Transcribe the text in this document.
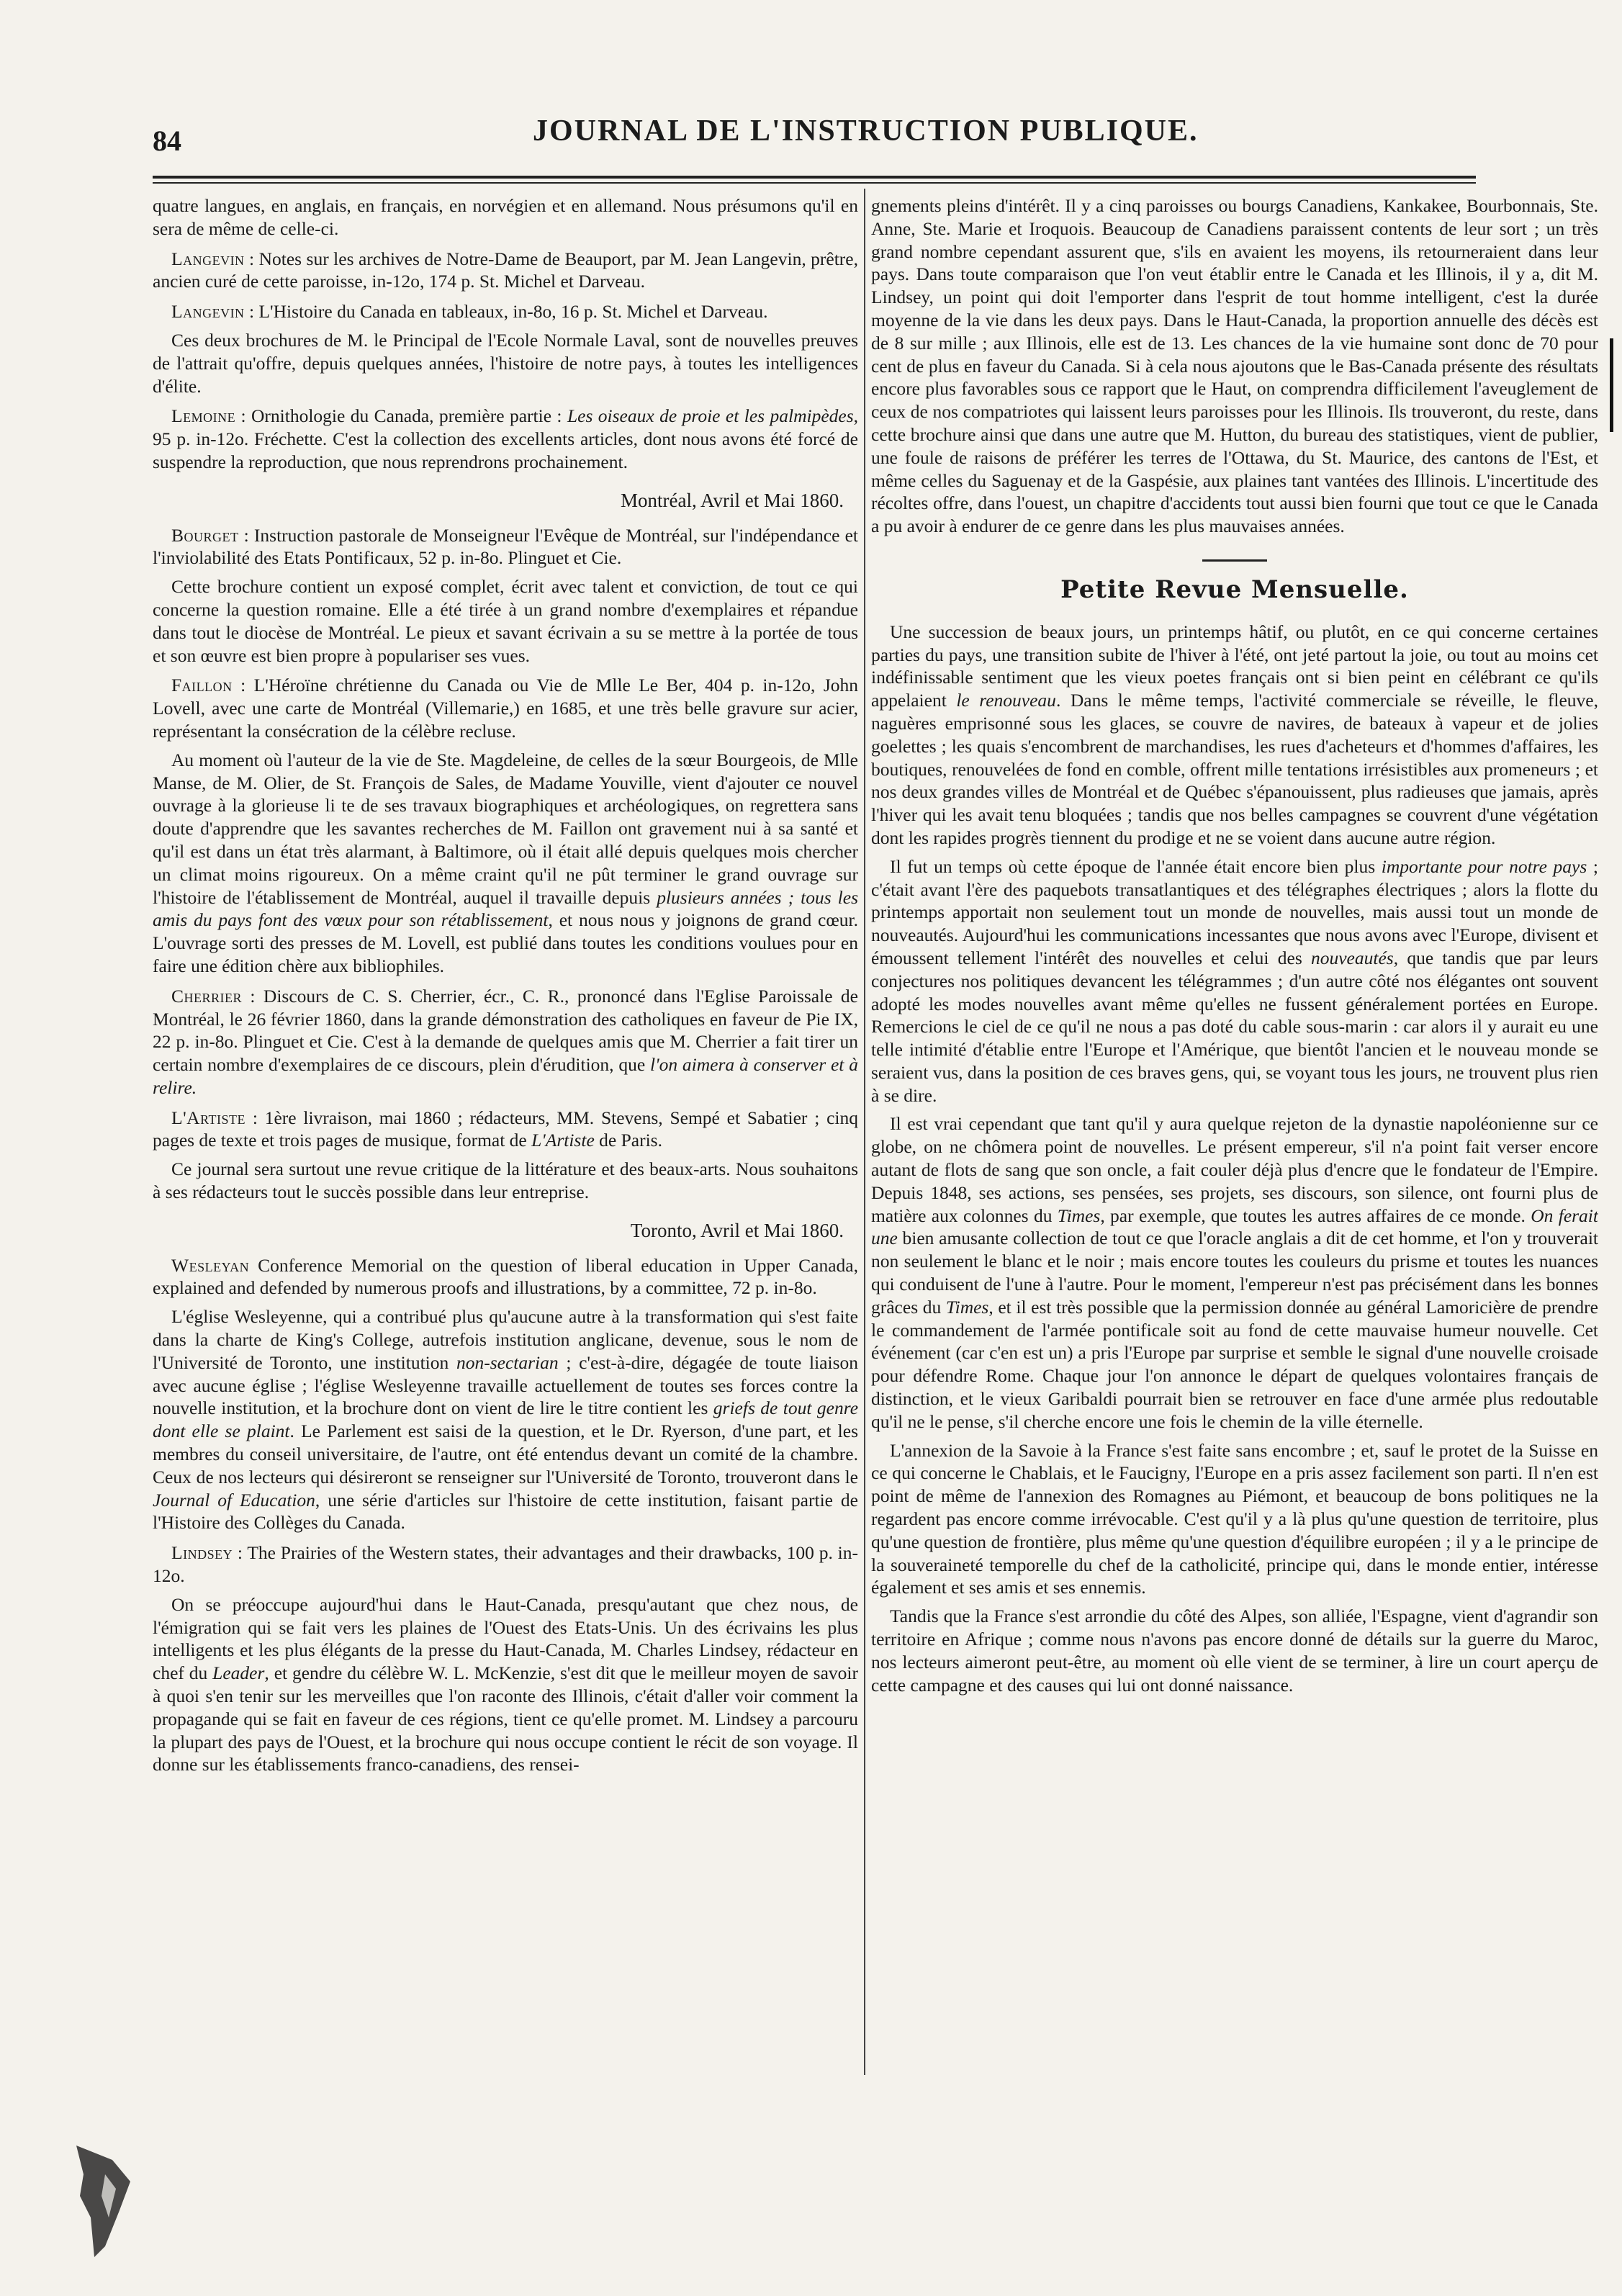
84	JOURNAL DE L'INSTRUCTION PUBLIQUE.

quatre langues, en anglais, en français, en norvégien et en allemand. Nous présumons qu'il en sera de même de celle-ci.

Langevin : Notes sur les archives de Notre-Dame de Beauport, par M. Jean Langevin, prêtre, ancien curé de cette paroisse, in-12o, 174 p. St. Michel et Darveau.

Langevin : L'Histoire du Canada en tableaux, in-8o, 16 p. St. Michel et Darveau.

Ces deux brochures de M. le Principal de l'Ecole Normale Laval, sont de nouvelles preuves de l'attrait qu'offre, depuis quelques années, l'histoire de notre pays, à toutes les intelligences d'élite.

Lemoine : Ornithologie du Canada, première partie : Les oiseaux de proie et les palmipèdes, 95 p. in-12o. Fréchette. C'est la collection des excellents articles, dont nous avons été forcé de suspendre la reproduction, que nous reprendrons prochainement.

Montréal, Avril et Mai 1860.

Bourget : Instruction pastorale de Monseigneur l'Evêque de Montréal, sur l'indépendance et l'inviolabilité des Etats Pontificaux, 52 p. in-8o. Plinguet et Cie.

Cette brochure contient un exposé complet, écrit avec talent et conviction, de tout ce qui concerne la question romaine. Elle a été tirée à un grand nombre d'exemplaires et répandue dans tout le diocèse de Montréal. Le pieux et savant écrivain a su se mettre à la portée de tous et son œuvre est bien propre à populariser ses vues.

Faillon : L'Héroïne chrétienne du Canada ou Vie de Mlle Le Ber, 404 p. in-12o, John Lovell, avec une carte de Montréal (Villemarie,) en 1685, et une très belle gravure sur acier, représentant la consécration de la célèbre recluse.

Au moment où l'auteur de la vie de Ste. Magdeleine, de celles de la sœur Bourgeois, de Mlle Manse, de M. Olier, de St. François de Sales, de Madame Youville, vient d'ajouter ce nouvel ouvrage à la glorieuse li te de ses travaux biographiques et archéologiques, on regrettera sans doute d'apprendre que les savantes recherches de M. Faillon ont gravement nui à sa santé et qu'il est dans un état très alarmant, à Baltimore, où il était allé depuis quelques mois chercher un climat moins rigoureux. On a même craint qu'il ne pût terminer le grand ouvrage sur l'histoire de l'établissement de Montréal, auquel il travaille depuis plusieurs années ; tous les amis du pays font des vœux pour son rétablissement, et nous nous y joignons de grand cœur. L'ouvrage sorti des presses de M. Lovell, est publié dans toutes les conditions voulues pour en faire une édition chère aux bibliophiles.

Cherrier : Discours de C. S. Cherrier, écr., C. R., prononcé dans l'Eglise Paroissale de Montréal, le 26 février 1860, dans la grande démonstration des catholiques en faveur de Pie IX, 22 p. in-8o. Plinguet et Cie. C'est à la demande de quelques amis que M. Cherrier a fait tirer un certain nombre d'exemplaires de ce discours, plein d'érudition, que l'on aimera à conserver et à relire.

L'Artiste : 1ère livraison, mai 1860 ; rédacteurs, MM. Stevens, Sempé et Sabatier ; cinq pages de texte et trois pages de musique, format de L'Artiste de Paris.

Ce journal sera surtout une revue critique de la littérature et des beaux-arts. Nous souhaitons à ses rédacteurs tout le succès possible dans leur entreprise.

Toronto, Avril et Mai 1860.

Wesleyan Conference Memorial on the question of liberal education in Upper Canada, explained and defended by numerous proofs and illustrations, by a committee, 72 p. in-8o.

L'église Wesleyenne, qui a contribué plus qu'aucune autre à la transformation qui s'est faite dans la charte de King's College, autrefois institution anglicane, devenue, sous le nom de l'Université de Toronto, une institution non-sectarian ; c'est-à-dire, dégagée de toute liaison avec aucune église ; l'église Wesleyenne travaille actuellement de toutes ses forces contre la nouvelle institution, et la brochure dont on vient de lire le titre contient les griefs de tout genre dont elle se plaint. Le Parlement est saisi de la question, et le Dr. Ryerson, d'une part, et les membres du conseil universitaire, de l'autre, ont été entendus devant un comité de la chambre. Ceux de nos lecteurs qui désireront se renseigner sur l'Université de Toronto, trouveront dans le Journal of Education, une série d'articles sur l'histoire de cette institution, faisant partie de l'Histoire des Collèges du Canada.

Lindsey : The Prairies of the Western states, their advantages and their drawbacks, 100 p. in-12o.

On se préoccupe aujourd'hui dans le Haut-Canada, presqu'autant que chez nous, de l'émigration qui se fait vers les plaines de l'Ouest des Etats-Unis. Un des écrivains les plus intelligents et les plus élégants de la presse du Haut-Canada, M. Charles Lindsey, rédacteur en chef du Leader, et gendre du célèbre W. L. McKenzie, s'est dit que le meilleur moyen de savoir à quoi s'en tenir sur les merveilles que l'on raconte des Illinois, c'était d'aller voir comment la propagande qui se fait en faveur de ces régions, tient ce qu'elle promet. M. Lindsey a parcouru la plupart des pays de l'Ouest, et la brochure qui nous occupe contient le récit de son voyage. Il donne sur les établissements franco-canadiens, des rensei-

gnements pleins d'intérêt. Il y a cinq paroisses ou bourgs Canadiens, Kankakee, Bourbonnais, Ste. Anne, Ste. Marie et Iroquois. Beaucoup de Canadiens paraissent contents de leur sort ; un très grand nombre cependant assurent que, s'ils en avaient les moyens, ils retourneraient dans leur pays. Dans toute comparaison que l'on veut établir entre le Canada et les Illinois, il y a, dit M. Lindsey, un point qui doit l'emporter dans l'esprit de tout homme intelligent, c'est la durée moyenne de la vie dans les deux pays. Dans le Haut-Canada, la proportion annuelle des décès est de 8 sur mille ; aux Illinois, elle est de 13. Les chances de la vie humaine sont donc de 70 pour cent de plus en faveur du Canada. Si à cela nous ajoutons que le Bas-Canada présente des résultats encore plus favorables sous ce rapport que le Haut, on comprendra difficilement l'aveuglement de ceux de nos compatriotes qui laissent leurs paroisses pour les Illinois. Ils trouveront, du reste, dans cette brochure ainsi que dans une autre que M. Hutton, du bureau des statistiques, vient de publier, une foule de raisons de préférer les terres de l'Ottawa, du St. Maurice, des cantons de l'Est, et même celles du Saguenay et de la Gaspésie, aux plaines tant vantées des Illinois. L'incertitude des récoltes offre, dans l'ouest, un chapitre d'accidents tout aussi bien fourni que tout ce que le Canada a pu avoir à endurer de ce genre dans les plus mauvaises années.

Petite Revue Mensuelle.

Une succession de beaux jours, un printemps hâtif, ou plutôt, en ce qui concerne certaines parties du pays, une transition subite de l'hiver à l'été, ont jeté partout la joie, ou tout au moins cet indéfinissable sentiment que les vieux poetes français ont si bien peint en célébrant ce qu'ils appelaient le renouveau. Dans le même temps, l'activité commerciale se réveille, le fleuve, naguères emprisonné sous les glaces, se couvre de navires, de bateaux à vapeur et de jolies goelettes ; les quais s'encombrent de marchandises, les rues d'acheteurs et d'hommes d'affaires, les boutiques, renouvelées de fond en comble, offrent mille tentations irrésistibles aux promeneurs ; et nos deux grandes villes de Montréal et de Québec s'épanouissent, plus radieuses que jamais, après l'hiver qui les avait tenu bloquées ; tandis que nos belles campagnes se couvrent d'une végétation dont les rapides progrès tiennent du prodige et ne se voient dans aucune autre région.

Il fut un temps où cette époque de l'année était encore bien plus importante pour notre pays ; c'était avant l'ère des paquebots transatlantiques et des télégraphes électriques ; alors la flotte du printemps apportait non seulement tout un monde de nouvelles, mais aussi tout un monde de nouveautés. Aujourd'hui les communications incessantes que nous avons avec l'Europe, divisent et émoussent tellement l'intérêt des nouvelles et celui des nouveautés, que tandis que par leurs conjectures nos politiques devancent les télégrammes ; d'un autre côté nos élégantes ont souvent adopté les modes nouvelles avant même qu'elles ne fussent généralement portées en Europe. Remercions le ciel de ce qu'il ne nous a pas doté du cable sous-marin : car alors il y aurait eu une telle intimité d'établie entre l'Europe et l'Amérique, que bientôt l'ancien et le nouveau monde se seraient vus, dans la position de ces braves gens, qui, se voyant tous les jours, ne trouvent plus rien à se dire.

Il est vrai cependant que tant qu'il y aura quelque rejeton de la dynastie napoléonienne sur ce globe, on ne chômera point de nouvelles. Le présent empereur, s'il n'a point fait verser encore autant de flots de sang que son oncle, a fait couler déjà plus d'encre que le fondateur de l'Empire. Depuis 1848, ses actions, ses pensées, ses projets, ses discours, son silence, ont fourni plus de matière aux colonnes du Times, par exemple, que toutes les autres affaires de ce monde. On ferait une bien amusante collection de tout ce que l'oracle anglais a dit de cet homme, et l'on y trouverait non seulement le blanc et le noir ; mais encore toutes les couleurs du prisme et toutes les nuances qui conduisent de l'une à l'autre. Pour le moment, l'empereur n'est pas précisément dans les bonnes grâces du Times, et il est très possible que la permission donnée au général Lamoricière de prendre le commandement de l'armée pontificale soit au fond de cette mauvaise humeur nouvelle. Cet événement (car c'en est un) a pris l'Europe par surprise et semble le signal d'une nouvelle croisade pour défendre Rome. Chaque jour l'on annonce le départ de quelques volontaires français de distinction, et le vieux Garibaldi pourrait bien se retrouver en face d'une armée plus redoutable qu'il ne le pense, s'il cherche encore une fois le chemin de la ville éternelle.

L'annexion de la Savoie à la France s'est faite sans encombre ; et, sauf le protet de la Suisse en ce qui concerne le Chablais, et le Faucigny, l'Europe en a pris assez facilement son parti. Il n'en est point de même de l'annexion des Romagnes au Piémont, et beaucoup de bons politiques ne la regardent pas encore comme irrévocable. C'est qu'il y a là plus qu'une question de territoire, plus qu'une question de frontière, plus même qu'une question d'équilibre européen ; il y a le principe de la souveraineté temporelle du chef de la catholicité, principe qui, dans le monde entier, intéresse également et ses amis et ses ennemis.

Tandis que la France s'est arrondie du côté des Alpes, son alliée, l'Espagne, vient d'agrandir son territoire en Afrique ; comme nous n'avons pas encore donné de détails sur la guerre du Maroc, nos lecteurs aimeront peut-être, au moment où elle vient de se terminer, à lire un court aperçu de cette campagne et des causes qui lui ont donné naissance.
